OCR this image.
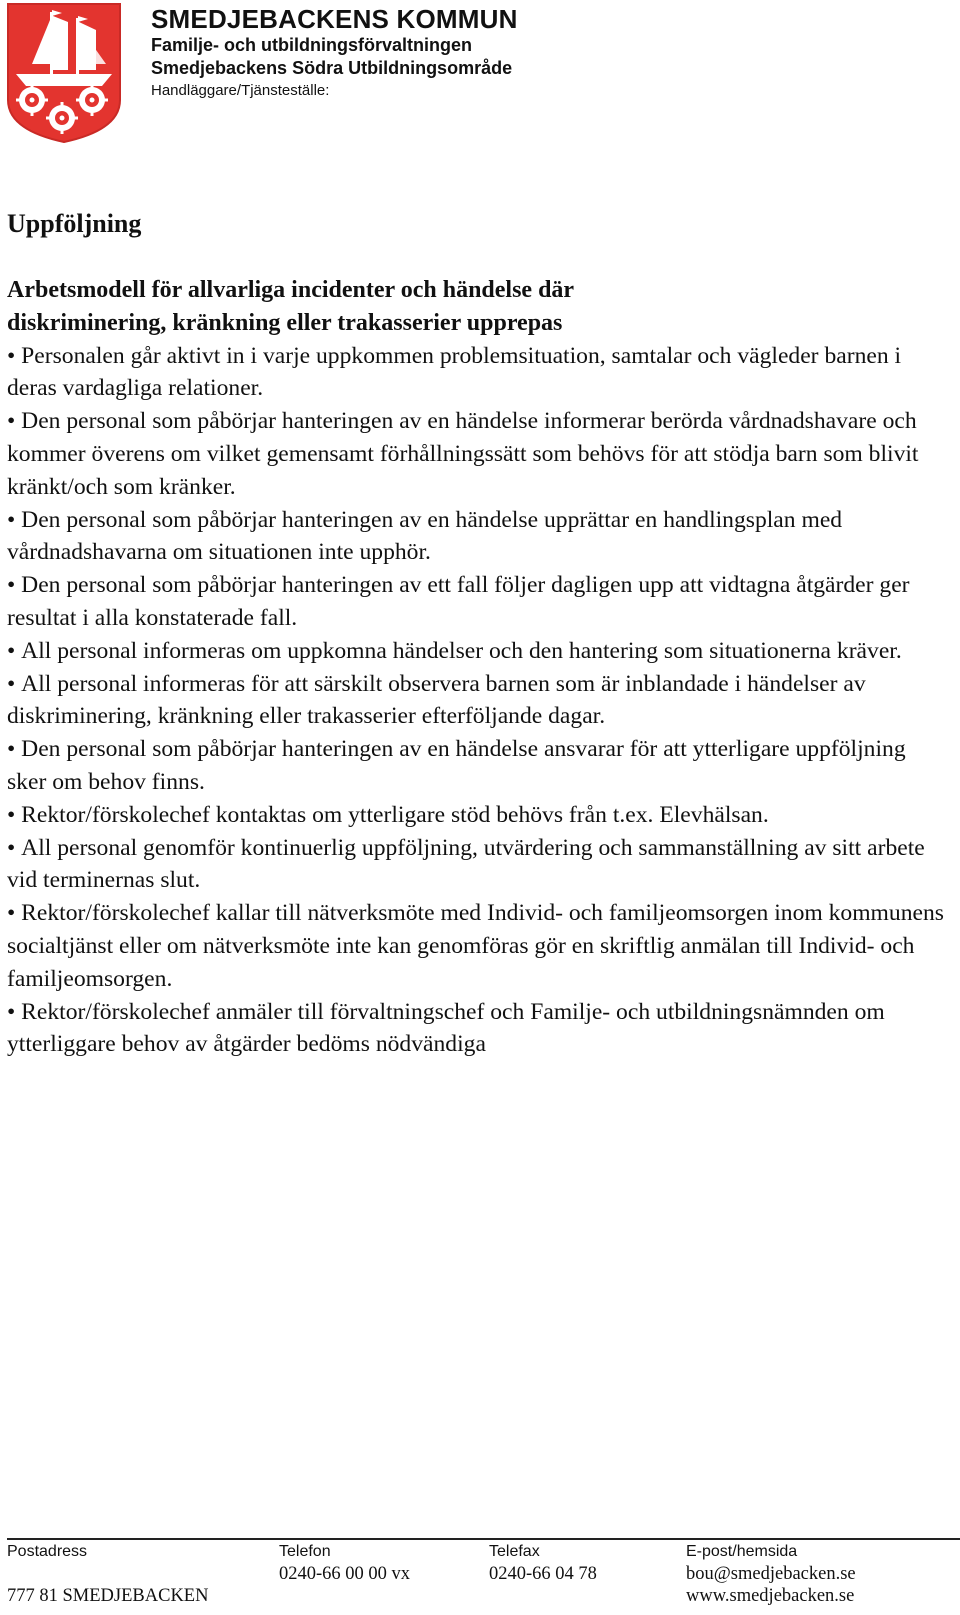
SMEDJEBACKENS KOMMUN
Familje- och utbildningsförvaltningen
Smedjebackens Södra Utbildningsområde
Handläggare/Tjänsteställe:
Uppföljning
Arbetsmodell för allvarliga incidenter och händelse där
diskriminering, kränkning eller trakasserier upprepas
• Personalen går aktivt in i varje uppkommen problemsituation, samtalar och vägleder barnen i deras vardagliga relationer.
• Den personal som påbörjar hanteringen av en händelse informerar berörda vårdnadshavare och kommer överens om vilket gemensamt förhållningssätt som behövs för att stödja barn som blivit kränkt/och som kränker.
• Den personal som påbörjar hanteringen av en händelse upprättar en handlingsplan med vårdnadshavarna om situationen inte upphör.
• Den personal som påbörjar hanteringen av ett fall följer dagligen upp att vidtagna åtgärder ger resultat i alla konstaterade fall.
• All personal informeras om uppkomna händelser och den hantering som situationerna kräver.
• All personal informeras för att särskilt observera barnen som är inblandade i händelser av diskriminering, kränkning eller trakasserier efterföljande dagar.
• Den personal som påbörjar hanteringen av en händelse ansvarar för att ytterligare uppföljning sker om behov finns.
• Rektor/förskolechef kontaktas om ytterligare stöd behövs från t.ex. Elevhälsan.
• All personal genomför kontinuerlig uppföljning, utvärdering och sammanställning av sitt arbete vid terminernas slut.
• Rektor/förskolechef kallar till nätverksmöte med Individ- och familjeomsorgen inom kommunens socialtjänst eller om nätverksmöte inte kan genomföras gör en skriftlig anmälan till Individ- och familjeomsorgen.
• Rektor/förskolechef anmäler till förvaltningschef och Familje- och utbildningsnämnden om ytterliggare behov av åtgärder bedöms nödvändiga
Postadress

777 81 SMEDJEBACKEN
Telefon
0240-66 00 00 vx
Telefax
0240-66 04 78
E-post/hemsida
bou@smedjebacken.se
www.smedjebacken.se
